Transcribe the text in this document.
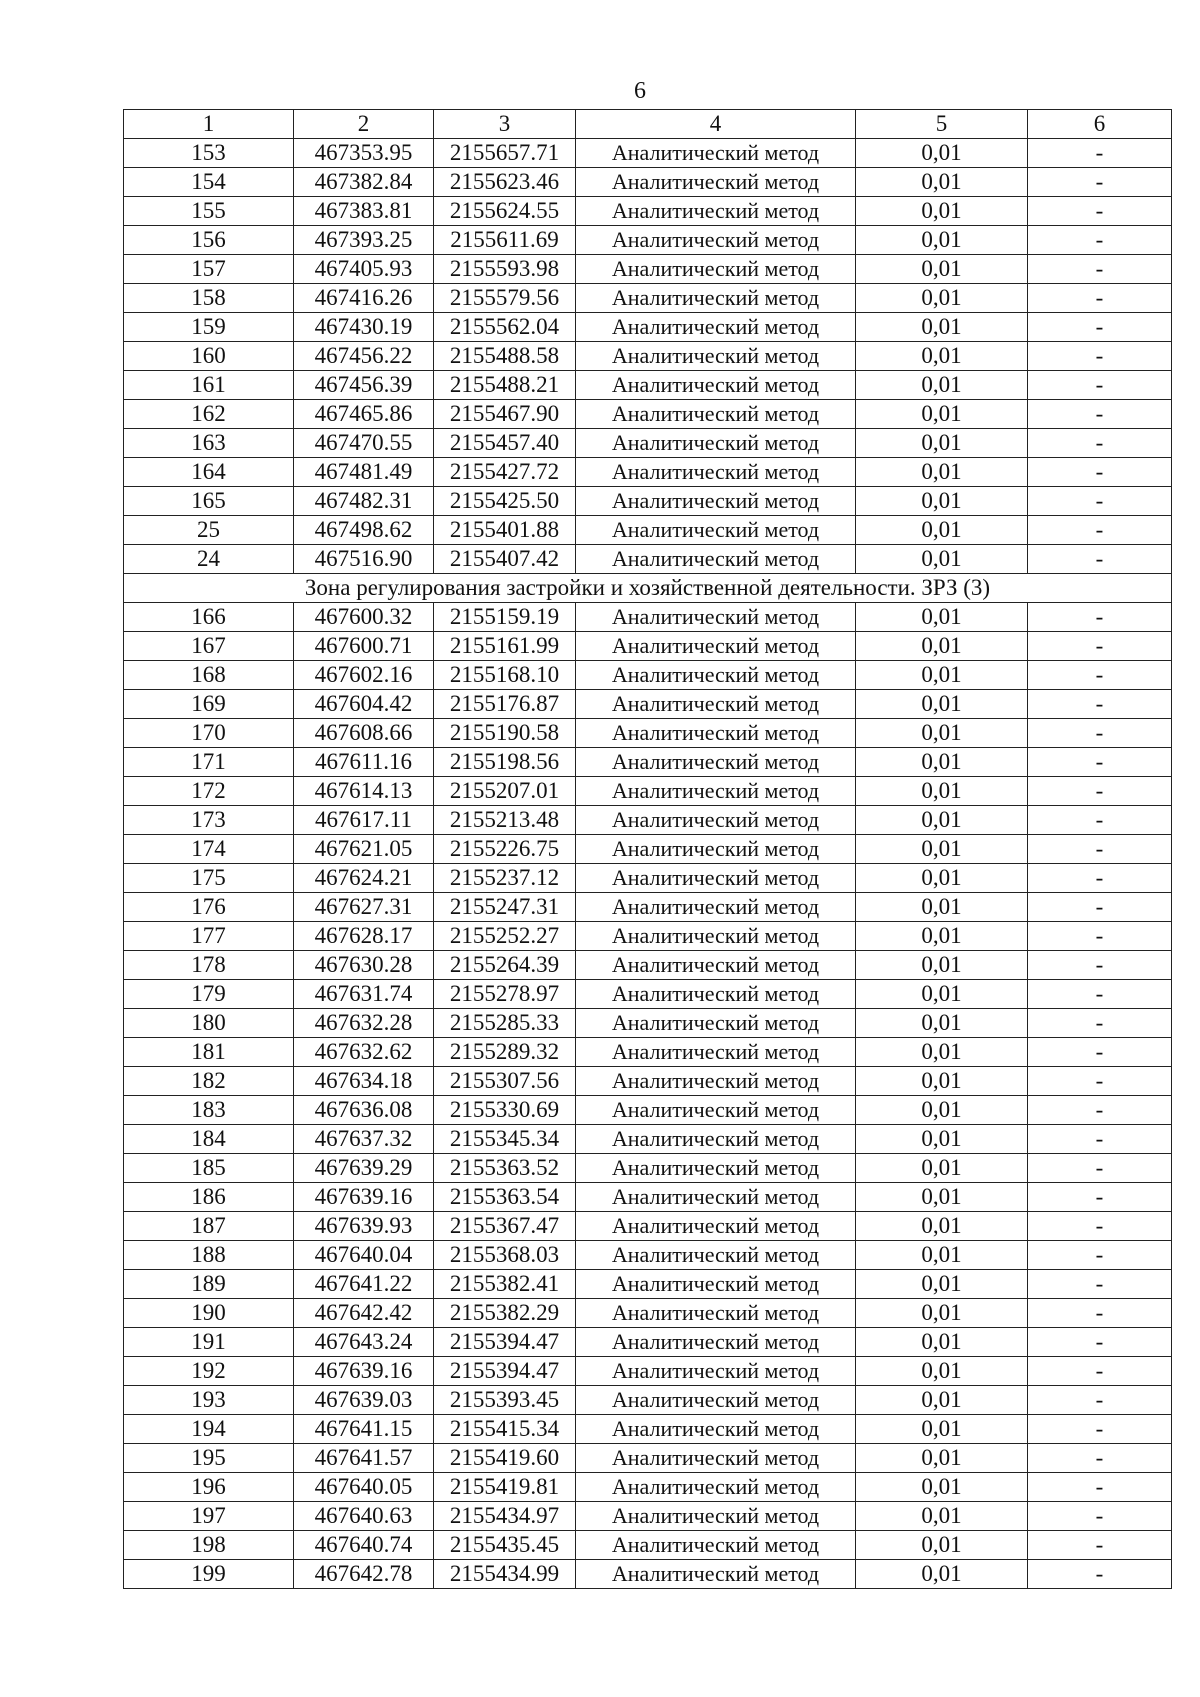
6
1	2	3	4	5	6
153	467353.95	2155657.71	Аналитический метод	0,01	-
154	467382.84	2155623.46	Аналитический метод	0,01	-
155	467383.81	2155624.55	Аналитический метод	0,01	-
156	467393.25	2155611.69	Аналитический метод	0,01	-
157	467405.93	2155593.98	Аналитический метод	0,01	-
158	467416.26	2155579.56	Аналитический метод	0,01	-
159	467430.19	2155562.04	Аналитический метод	0,01	-
160	467456.22	2155488.58	Аналитический метод	0,01	-
161	467456.39	2155488.21	Аналитический метод	0,01	-
162	467465.86	2155467.90	Аналитический метод	0,01	-
163	467470.55	2155457.40	Аналитический метод	0,01	-
164	467481.49	2155427.72	Аналитический метод	0,01	-
165	467482.31	2155425.50	Аналитический метод	0,01	-
25	467498.62	2155401.88	Аналитический метод	0,01	-
24	467516.90	2155407.42	Аналитический метод	0,01	-
Зона регулирования застройки и хозяйственной деятельности. ЗРЗ (3)					
166	467600.32	2155159.19	Аналитический метод	0,01	-
167	467600.71	2155161.99	Аналитический метод	0,01	-
168	467602.16	2155168.10	Аналитический метод	0,01	-
169	467604.42	2155176.87	Аналитический метод	0,01	-
170	467608.66	2155190.58	Аналитический метод	0,01	-
171	467611.16	2155198.56	Аналитический метод	0,01	-
172	467614.13	2155207.01	Аналитический метод	0,01	-
173	467617.11	2155213.48	Аналитический метод	0,01	-
174	467621.05	2155226.75	Аналитический метод	0,01	-
175	467624.21	2155237.12	Аналитический метод	0,01	-
176	467627.31	2155247.31	Аналитический метод	0,01	-
177	467628.17	2155252.27	Аналитический метод	0,01	-
178	467630.28	2155264.39	Аналитический метод	0,01	-
179	467631.74	2155278.97	Аналитический метод	0,01	-
180	467632.28	2155285.33	Аналитический метод	0,01	-
181	467632.62	2155289.32	Аналитический метод	0,01	-
182	467634.18	2155307.56	Аналитический метод	0,01	-
183	467636.08	2155330.69	Аналитический метод	0,01	-
184	467637.32	2155345.34	Аналитический метод	0,01	-
185	467639.29	2155363.52	Аналитический метод	0,01	-
186	467639.16	2155363.54	Аналитический метод	0,01	-
187	467639.93	2155367.47	Аналитический метод	0,01	-
188	467640.04	2155368.03	Аналитический метод	0,01	-
189	467641.22	2155382.41	Аналитический метод	0,01	-
190	467642.42	2155382.29	Аналитический метод	0,01	-
191	467643.24	2155394.47	Аналитический метод	0,01	-
192	467639.16	2155394.47	Аналитический метод	0,01	-
193	467639.03	2155393.45	Аналитический метод	0,01	-
194	467641.15	2155415.34	Аналитический метод	0,01	-
195	467641.57	2155419.60	Аналитический метод	0,01	-
196	467640.05	2155419.81	Аналитический метод	0,01	-
197	467640.63	2155434.97	Аналитический метод	0,01	-
198	467640.74	2155435.45	Аналитический метод	0,01	-
199	467642.78	2155434.99	Аналитический метод	0,01	-
